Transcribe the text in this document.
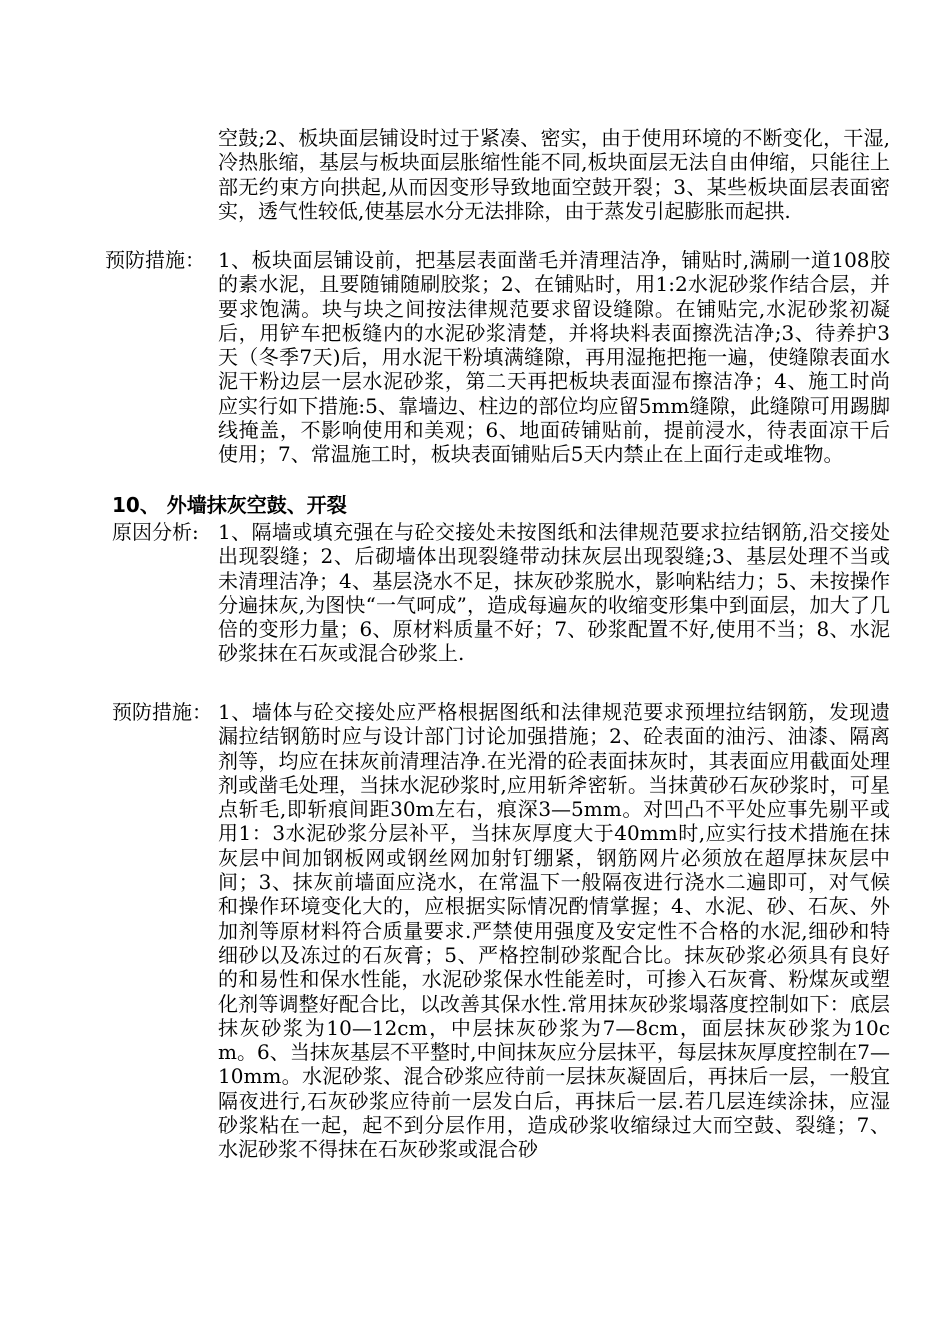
空鼓;2、板块面层铺设时过于紧凑、密实，由于使用环境的不断变化，干湿,冷热胀缩，基层与板块面层胀缩性能不同,板块面层无法自由伸缩，只能往上部无约束方向拱起,从而因变形导致地面空鼓开裂；3、某些板块面层表面密实，透气性较低,使基层水分无法排除，由于蒸发引起膨胀而起拱.

预防措施： 1、板块面层铺设前，把基层表面凿毛并清理洁净，铺贴时,满刷一道108胶的素水泥，且要随铺随刷胶浆；2、在铺贴时，用1:2水泥砂浆作结合层，并要求饱满。块与块之间按法律规范要求留设缝隙。在铺贴完,水泥砂浆初凝后，用铲车把板缝内的水泥砂浆清楚，并将块料表面擦洗洁净;3、待养护3天（冬季7天)后，用水泥干粉填满缝隙，再用湿拖把拖一遍，使缝隙表面水泥干粉边层一层水泥砂浆，第二天再把板块表面湿布擦洁净；4、施工时尚应实行如下措施:5、靠墙边、柱边的部位均应留5mm缝隙，此缝隙可用踢脚线掩盖，不影响使用和美观；6、地面砖铺贴前，提前浸水，待表面凉干后使用；7、常温施工时，板块表面铺贴后5天内禁止在上面行走或堆物。
10、 外墙抹灰空鼓、开裂
原因分析: 1、隔墙或填充强在与砼交接处未按图纸和法律规范要求拉结钢筋,沿交接处出现裂缝；2、后砌墙体出现裂缝带动抹灰层出现裂缝;3、基层处理不当或未清理洁净；4、基层浇水不足，抹灰砂浆脱水，影响粘结力；5、未按操作分遍抹灰,为图快“一气呵成”，造成每遍灰的收缩变形集中到面层，加大了几倍的变形力量；6、原材料质量不好；7、砂浆配置不好,使用不当；8、水泥砂浆抹在石灰或混合砂浆上.
预防措施： 1、墙体与砼交接处应严格根据图纸和法律规范要求预埋拉结钢筋，发现遗漏拉结钢筋时应与设计部门讨论加强措施；2、砼表面的油污、油漆、隔离剂等，均应在抹灰前清理洁净.在光滑的砼表面抹灰时，其表面应用截面处理剂或凿毛处理，当抹水泥砂浆时,应用斩斧密斩。当抹黄砂石灰砂浆时，可星点斩毛,即斩痕间距30m左右，痕深3—5mm。对凹凸不平处应事先剔平或用1：3水泥砂浆分层补平，当抹灰厚度大于40mm时,应实行技术措施在抹灰层中间加钢板网或钢丝网加射钉绷紧，钢筋网片必须放在超厚抹灰层中间；3、抹灰前墙面应浇水，在常温下一般隔夜进行浇水二遍即可，对气候和操作环境变化大的，应根据实际情况酌情掌握；4、水泥、砂、石灰、外加剂等原材料符合质量要求.严禁使用强度及安定性不合格的水泥,细砂和特细砂以及冻过的石灰膏；5、严格控制砂浆配合比。抹灰砂浆必须具有良好的和易性和保水性能，水泥砂浆保水性能差时，可掺入石灰膏、粉煤灰或塑化剂等调整好配合比，以改善其保水性.常用抹灰砂浆塌落度控制如下：底层抹灰砂浆为10—12cm，中层抹灰砂浆为7—8cm，面层抹灰砂浆为10cm。6、当抹灰基层不平整时,中间抹灰应分层抹平，每层抹灰厚度控制在7—10mm。水泥砂浆、混合砂浆应待前一层抹灰凝固后，再抹后一层，一般宜隔夜进行,石灰砂浆应待前一层发白后，再抹后一层.若几层连续涂抹，应湿砂浆粘在一起，起不到分层作用，造成砂浆收缩绿过大而空鼓、裂缝；7、水泥砂浆不得抹在石灰砂浆或混合砂
